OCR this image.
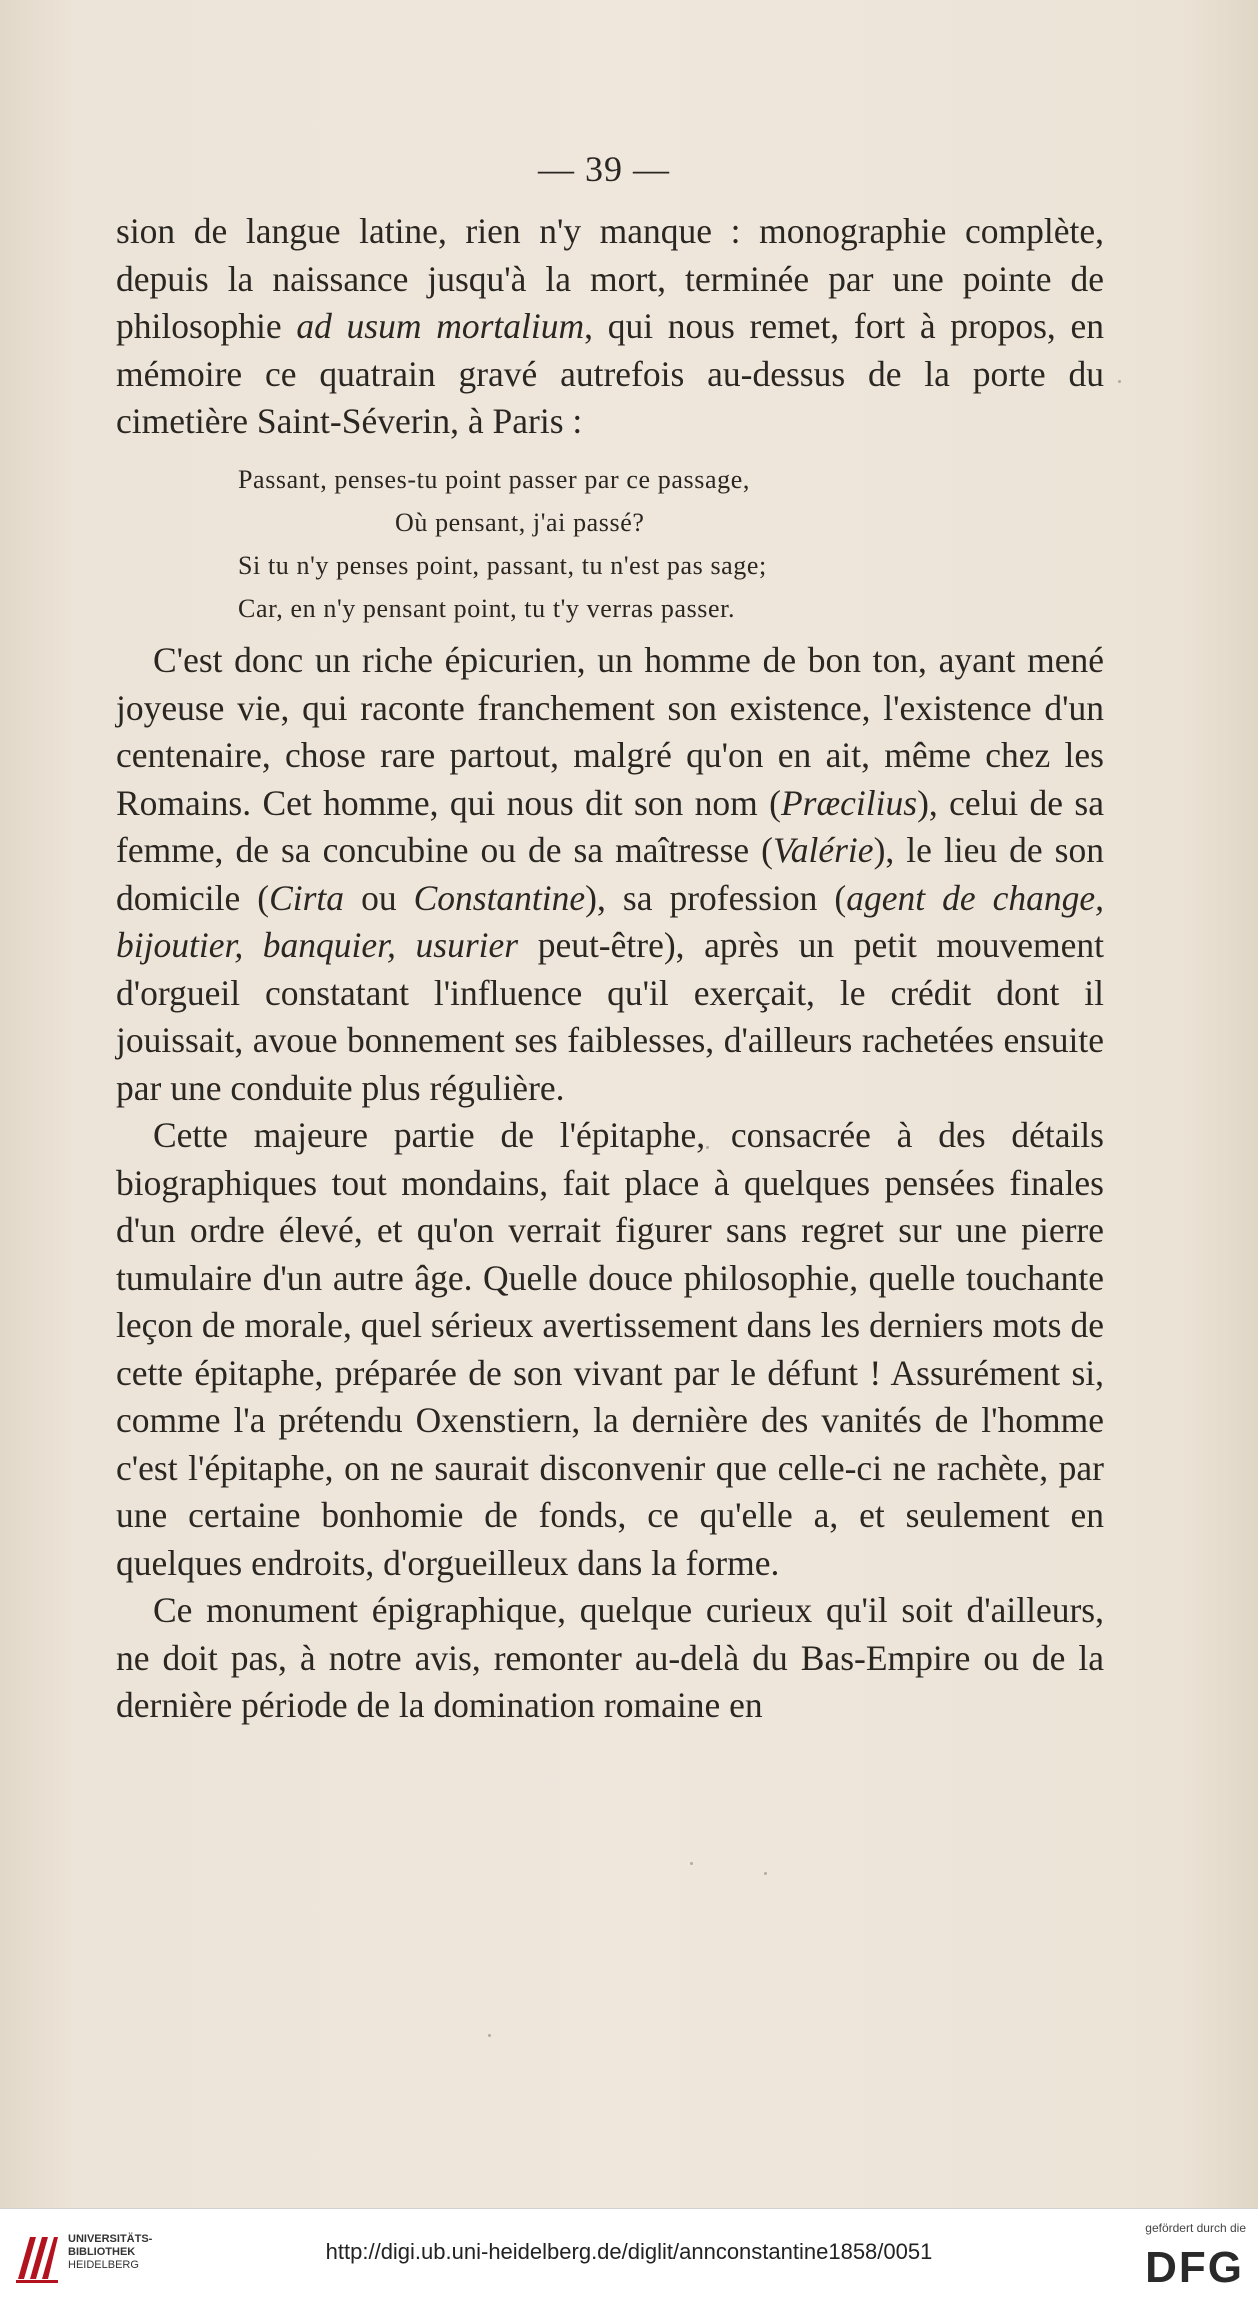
— 39 —

sion de langue latine, rien n'y manque : monographie complète, depuis la naissance jusqu'à la mort, terminée par une pointe de philosophie ad usum mortalium, qui nous remet, fort à propos, en mémoire ce quatrain gravé autrefois au-dessus de la porte du cimetière Saint-Séverin, à Paris :

Passant, penses-tu point passer par ce passage,
Où pensant, j'ai passé?
Si tu n'y penses point, passant, tu n'est pas sage;
Car, en n'y pensant point, tu t'y verras passer.

C'est donc un riche épicurien, un homme de bon ton, ayant mené joyeuse vie, qui raconte franchement son existence, l'existence d'un centenaire, chose rare partout, malgré qu'on en ait, même chez les Romains. Cet homme, qui nous dit son nom (Præcilius), celui de sa femme, de sa concubine ou de sa maîtresse (Valérie), le lieu de son domicile (Cirta ou Constantine), sa profession (agent de change, bijoutier, banquier, usurier peut-être), après un petit mouvement d'orgueil constatant l'influence qu'il exerçait, le crédit dont il jouissait, avoue bonnement ses faiblesses, d'ailleurs rachetées ensuite par une conduite plus régulière.

Cette majeure partie de l'épitaphe, consacrée à des détails biographiques tout mondains, fait place à quelques pensées finales d'un ordre élevé, et qu'on verrait figurer sans regret sur une pierre tumulaire d'un autre âge. Quelle douce philosophie, quelle touchante leçon de morale, quel sérieux avertissement dans les derniers mots de cette épitaphe, préparée de son vivant par le défunt ! Assurément si, comme l'a prétendu Oxenstiern, la dernière des vanités de l'homme c'est l'épitaphe, on ne saurait disconvenir que celle-ci ne rachète, par une certaine bonhomie de fonds, ce qu'elle a, et seulement en quelques endroits, d'orgueilleux dans la forme.

Ce monument épigraphique, quelque curieux qu'il soit d'ailleurs, ne doit pas, à notre avis, remonter au-delà du Bas-Empire ou de la dernière période de la domination romaine en

UNIVERSITÄTS-
BIBLIOTHEK
HEIDELBERG
http://digi.ub.uni-heidelberg.de/diglit/annconstantine1858/0051
gefördert durch die
DFG
